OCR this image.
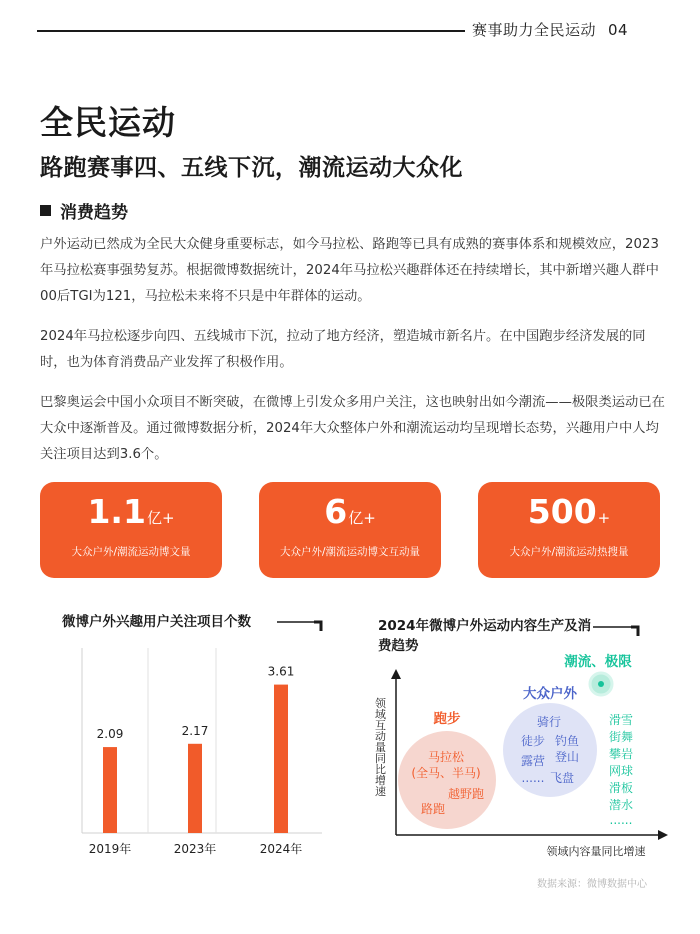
赛事助力全民运动 04
全民运动
路跑赛事四、五线下沉，潮流运动大众化
消费趋势

户外运动已然成为全民大众健身重要标志，如今马拉松、路跑等已具有成熟的赛事体系和规模效应，2023年马拉松赛事强势复苏。根据微博数据统计，2024年马拉松兴趣群体还在持续增长，其中新增兴趣人群中00后TGI为121，马拉松未来将不只是中年群体的运动。

2024年马拉松逐步向四、五线城市下沉，拉动了地方经济，塑造城市新名片。在中国跑步经济发展的同时，也为体育消费品产业发挥了积极作用。

巴黎奥运会中国小众项目不断突破，在微博上引发众多用户关注，这也映射出如今潮流——极限类运动已在大众中逐渐普及。通过微博数据分析，2024年大众整体户外和潮流运动均呈现增长态势，兴趣用户中人均关注项目达到3.6个。

1.1亿+
大众户外/潮流运动博文量
6亿+
大众户外/潮流运动博文互动量
500+
大众户外/潮流运动热搜量
微博户外兴趣用户关注项目个数	2024年微博户外运动内容生产及消费趋势
2.09
2019年
2.17
2023年
3.61
2024年
领域互动量同比增速
领域内容量同比增速
跑步
马拉松
(全马、半马)
越野跑
路跑
大众户外
骑行
徒步 钓鱼
露营 登山
...... 飞盘
潮流、极限
滑雪
街舞
攀岩
网球
滑板
潜水
......
数据来源：微博数据中心
